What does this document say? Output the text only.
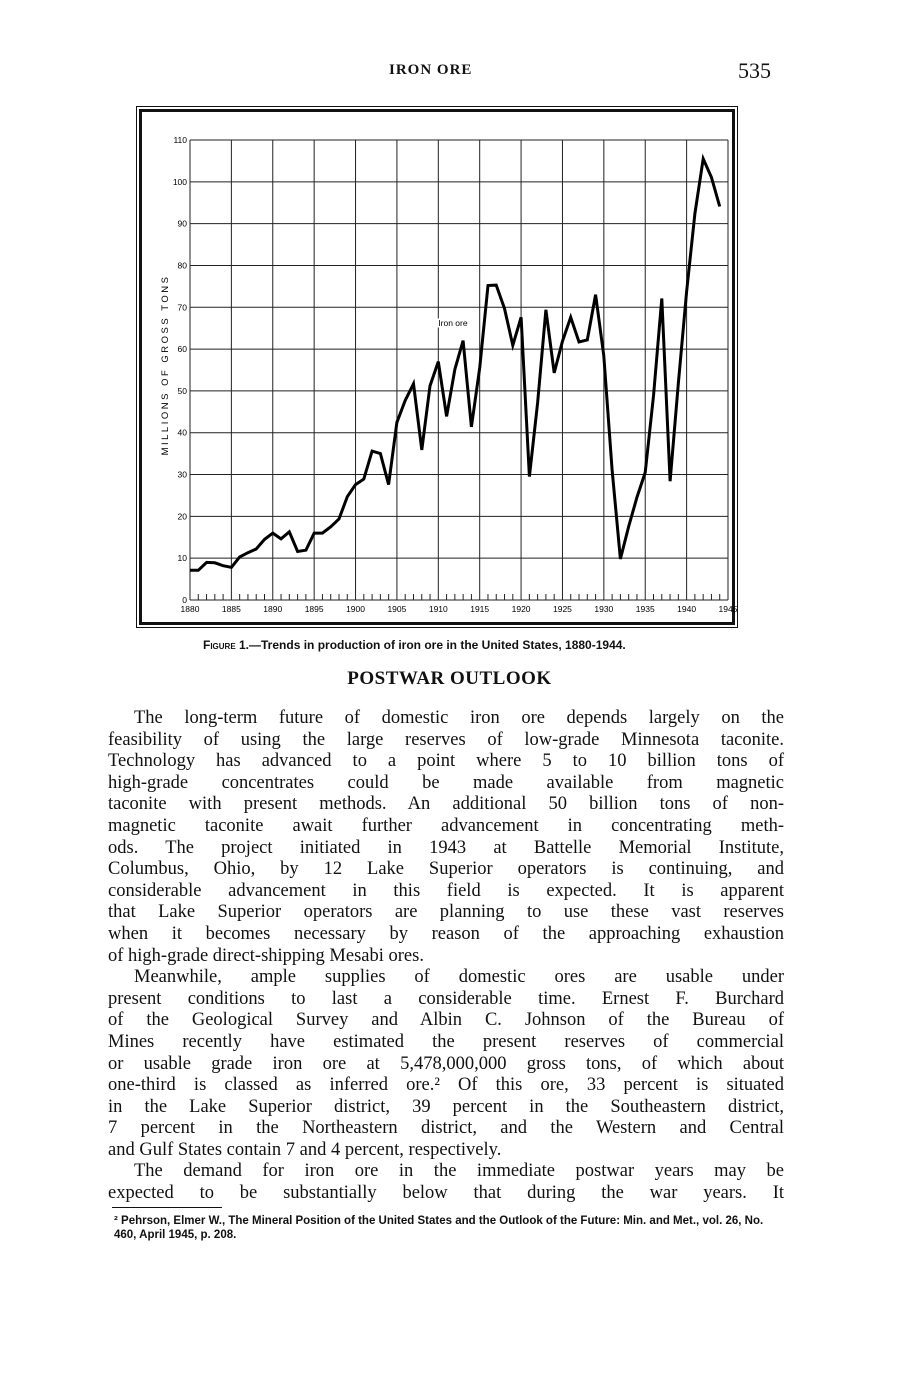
IRON ORE	535
0
10
20
30
40
50
60
70
80
90
100
110
1880	1885	1890	1895	1900	1905	1910	1915	1920	1925	1930	1935	1940	1945
MILLIONS OF GROSS TONS	Iron ore
Figure 1.—Trends in production of iron ore in the United States, 1880-1944.
POSTWAR OUTLOOK
The long-term future of domestic iron ore depends largely on the
feasibility of using the large reserves of low-grade Minnesota taconite.
Technology has advanced to a point where 5 to 10 billion tons of
high-grade concentrates could be made available from magnetic
taconite with present methods. An additional 50 billion tons of non-
magnetic taconite await further advancement in concentrating meth-
ods. The project initiated in 1943 at Battelle Memorial Institute,
Columbus, Ohio, by 12 Lake Superior operators is continuing, and
considerable advancement in this field is expected. It is apparent
that Lake Superior operators are planning to use these vast reserves
when it becomes necessary by reason of the approaching exhaustion
of high-grade direct-shipping Mesabi ores.
Meanwhile, ample supplies of domestic ores are usable under
present conditions to last a considerable time. Ernest F. Burchard
of the Geological Survey and Albin C. Johnson of the Bureau of
Mines recently have estimated the present reserves of commercial
or usable grade iron ore at 5,478,000,000 gross tons, of which about
one-third is classed as inferred ore.² Of this ore, 33 percent is situated
in the Lake Superior district, 39 percent in the Southeastern district,
7 percent in the Northeastern district, and the Western and Central
and Gulf States contain 7 and 4 percent, respectively.
The demand for iron ore in the immediate postwar years may be
expected to be substantially below that during the war years. It
² Pehrson, Elmer W., The Mineral Position of the United States and the Outlook of the Future: Min. and Met., vol. 26, No. 460, April 1945, p. 208.
